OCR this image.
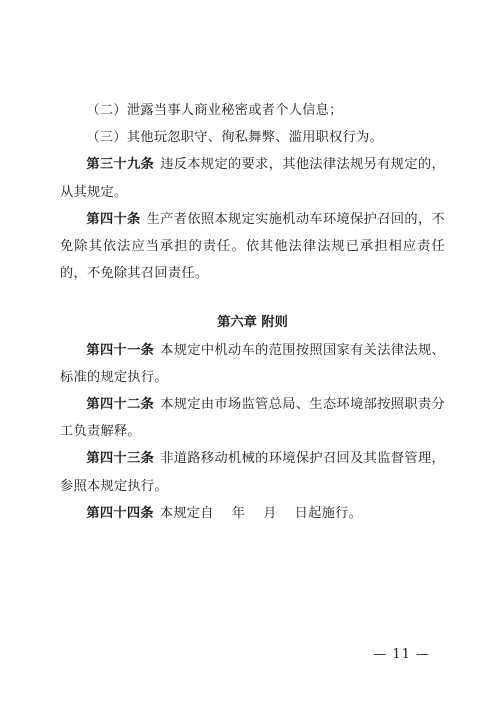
（二）泄露当事人商业秘密或者个人信息；

（三）其他玩忽职守、徇私舞弊、滥用职权行为。

第三十九条 违反本规定的要求，其他法律法规另有规定的，从其规定。

第四十条 生产者依照本规定实施机动车环境保护召回的，不免除其依法应当承担的责任。依其他法律法规已承担相应责任的，不免除其召回责任。

第六章 附则

第四十一条 本规定中机动车的范围按照国家有关法律法规、标准的规定执行。

第四十二条 本规定由市场监管总局、生态环境部按照职责分工负责解释。

第四十三条 非道路移动机械的环境保护召回及其监督管理，参照本规定执行。

第四十四条 本规定自    年    月    日起施行。

— 11 —
